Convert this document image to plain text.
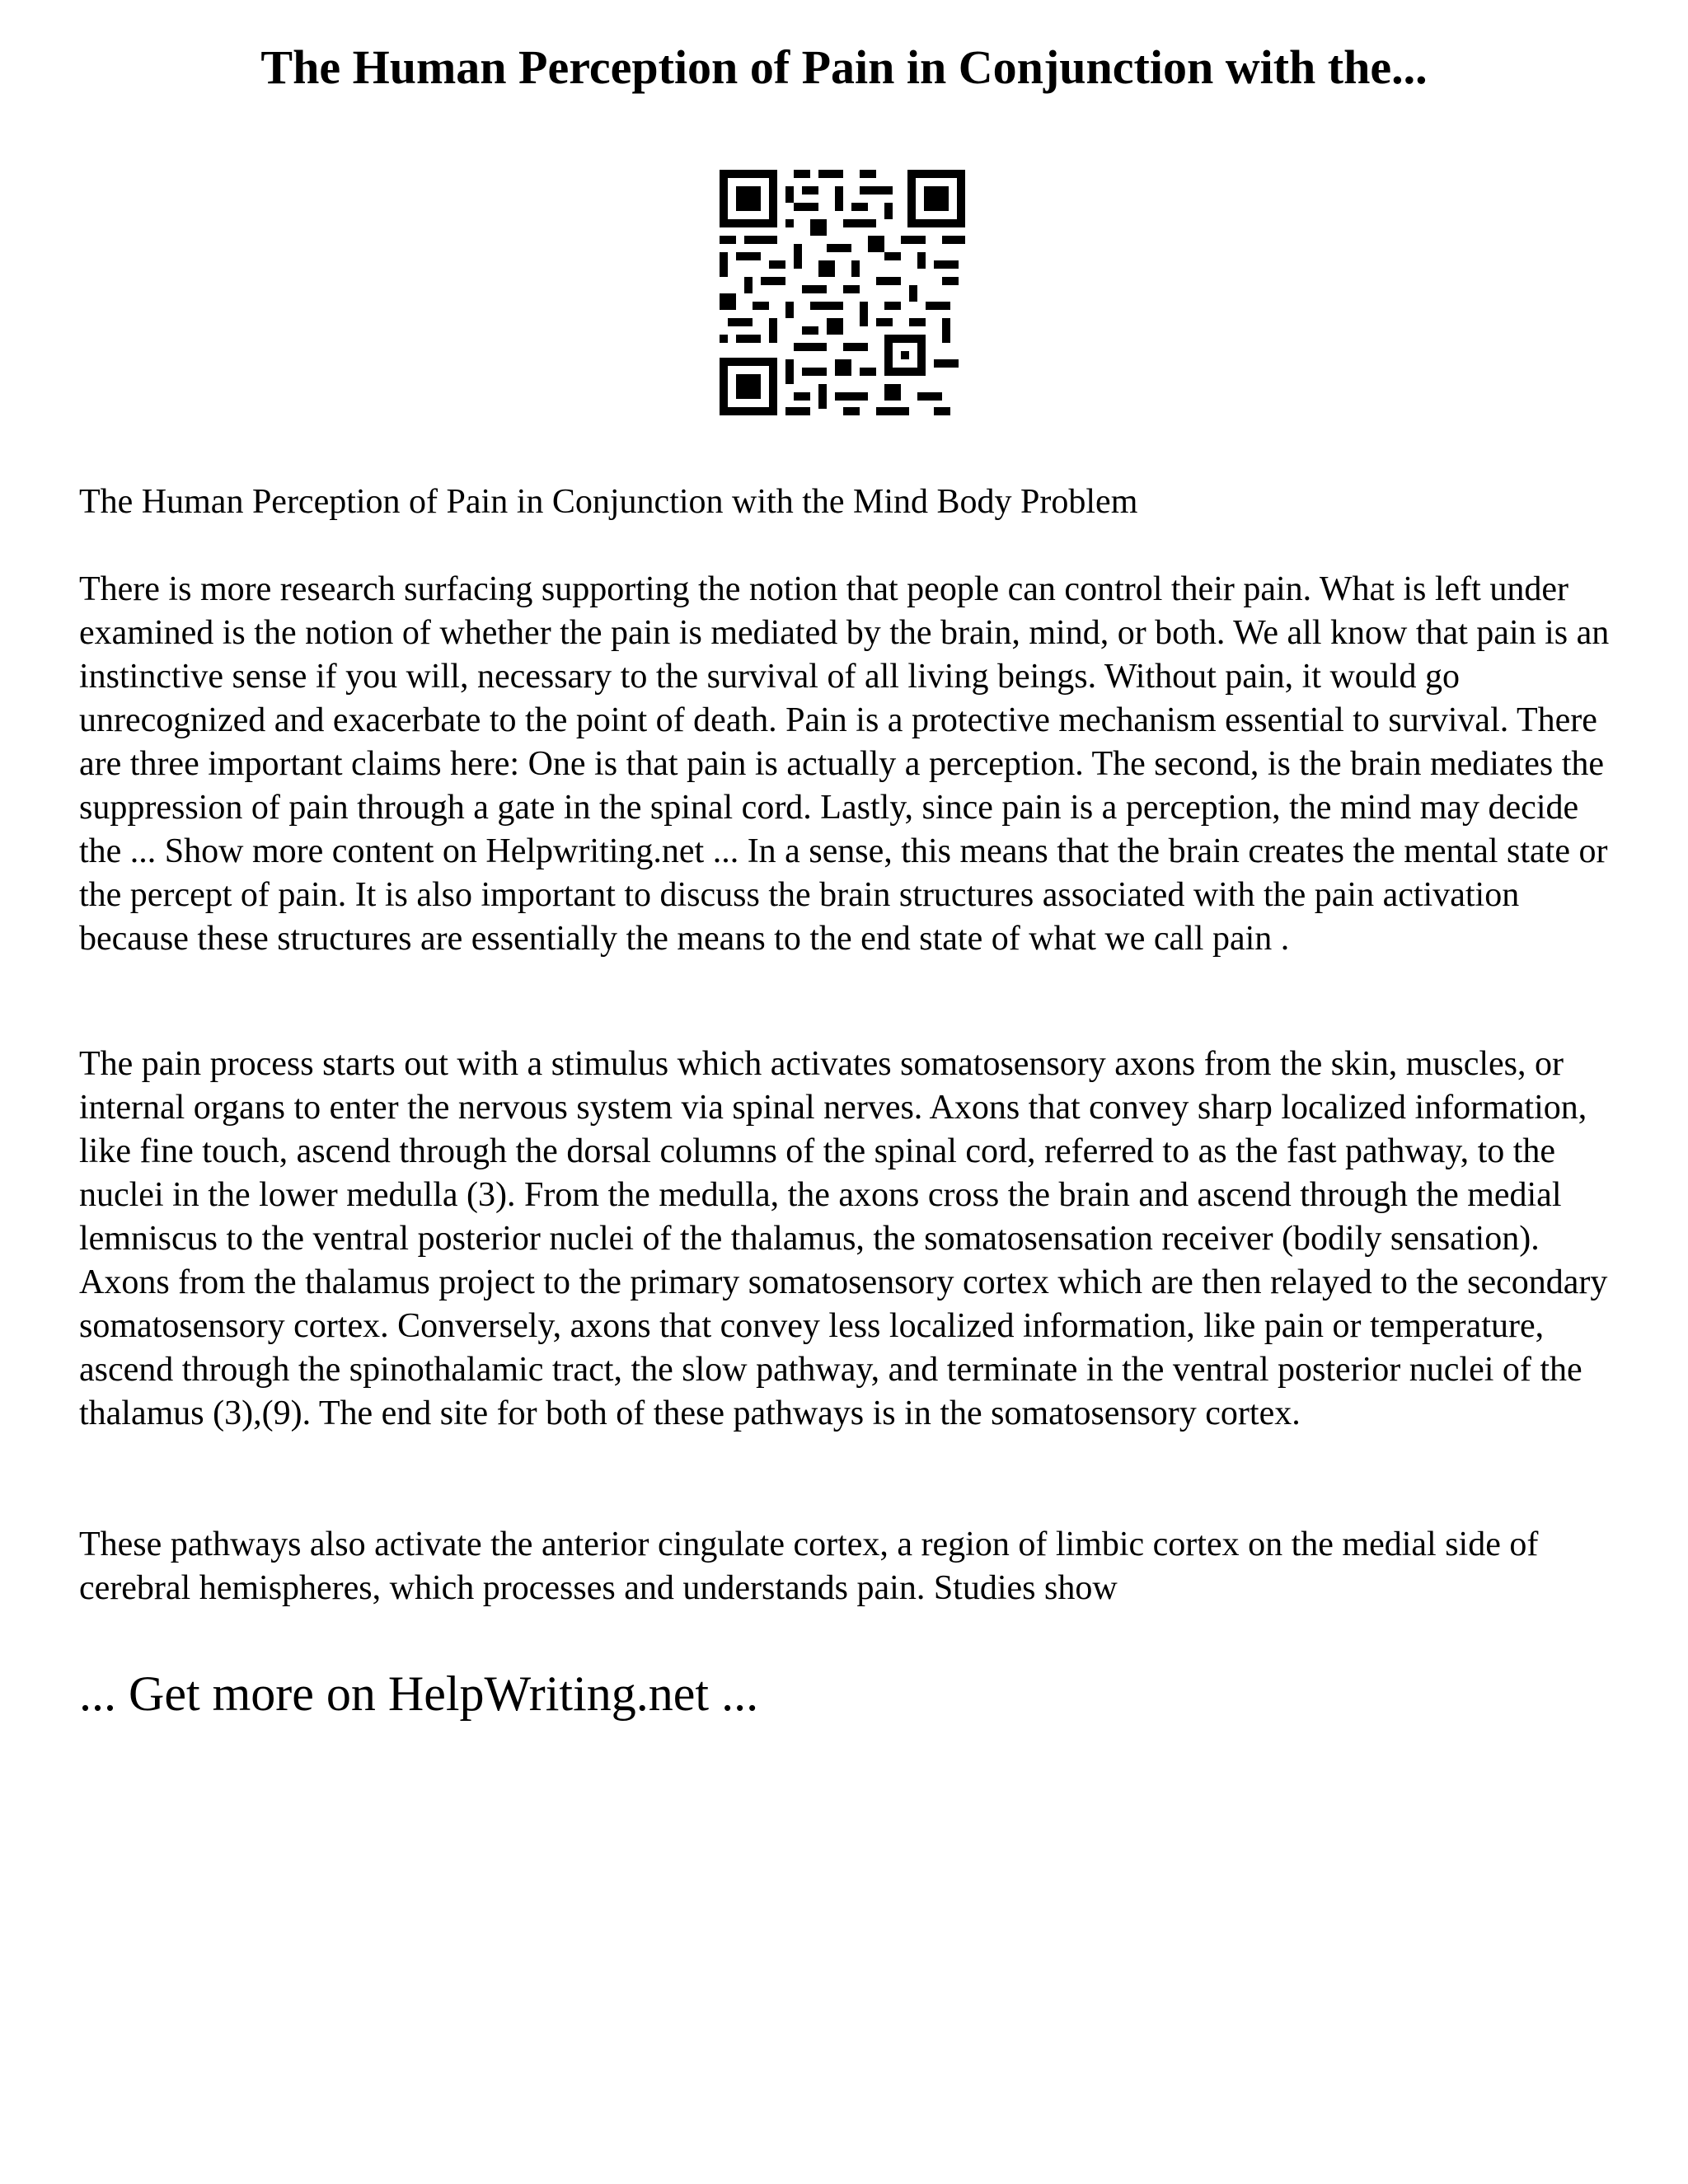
The Human Perception of Pain in Conjunction with the...

The Human Perception of Pain in Conjunction with the Mind Body Problem

There is more research surfacing supporting the notion that people can control their pain. What is left under examined is the notion of whether the pain is mediated by the brain, mind, or both. We all know that pain is an instinctive sense if you will, necessary to the survival of all living beings. Without pain, it would go unrecognized and exacerbate to the point of death. Pain is a protective mechanism essential to survival. There are three important claims here: One is that pain is actually a perception. The second, is the brain mediates the suppression of pain through a gate in the spinal cord. Lastly, since pain is a perception, the mind may decide the ... Show more content on Helpwriting.net ... In a sense, this means that the brain creates the mental state or the percept of pain. It is also important to discuss the brain structures associated with the pain activation because these structures are essentially the means to the end state of what we call pain .

The pain process starts out with a stimulus which activates somatosensory axons from the skin, muscles, or internal organs to enter the nervous system via spinal nerves. Axons that convey sharp localized information, like fine touch, ascend through the dorsal columns of the spinal cord, referred to as the fast pathway, to the nuclei in the lower medulla (3). From the medulla, the axons cross the brain and ascend through the medial lemniscus to the ventral posterior nuclei of the thalamus, the somatosensation receiver (bodily sensation). Axons from the thalamus project to the primary somatosensory cortex which are then relayed to the secondary somatosensory cortex. Conversely, axons that convey less localized information, like pain or temperature, ascend through the spinothalamic tract, the slow pathway, and terminate in the ventral posterior nuclei of the thalamus (3),(9). The end site for both of these pathways is in the somatosensory cortex.

These pathways also activate the anterior cingulate cortex, a region of limbic cortex on the medial side of cerebral hemispheres, which processes and understands pain. Studies show

... Get more on HelpWriting.net ...
